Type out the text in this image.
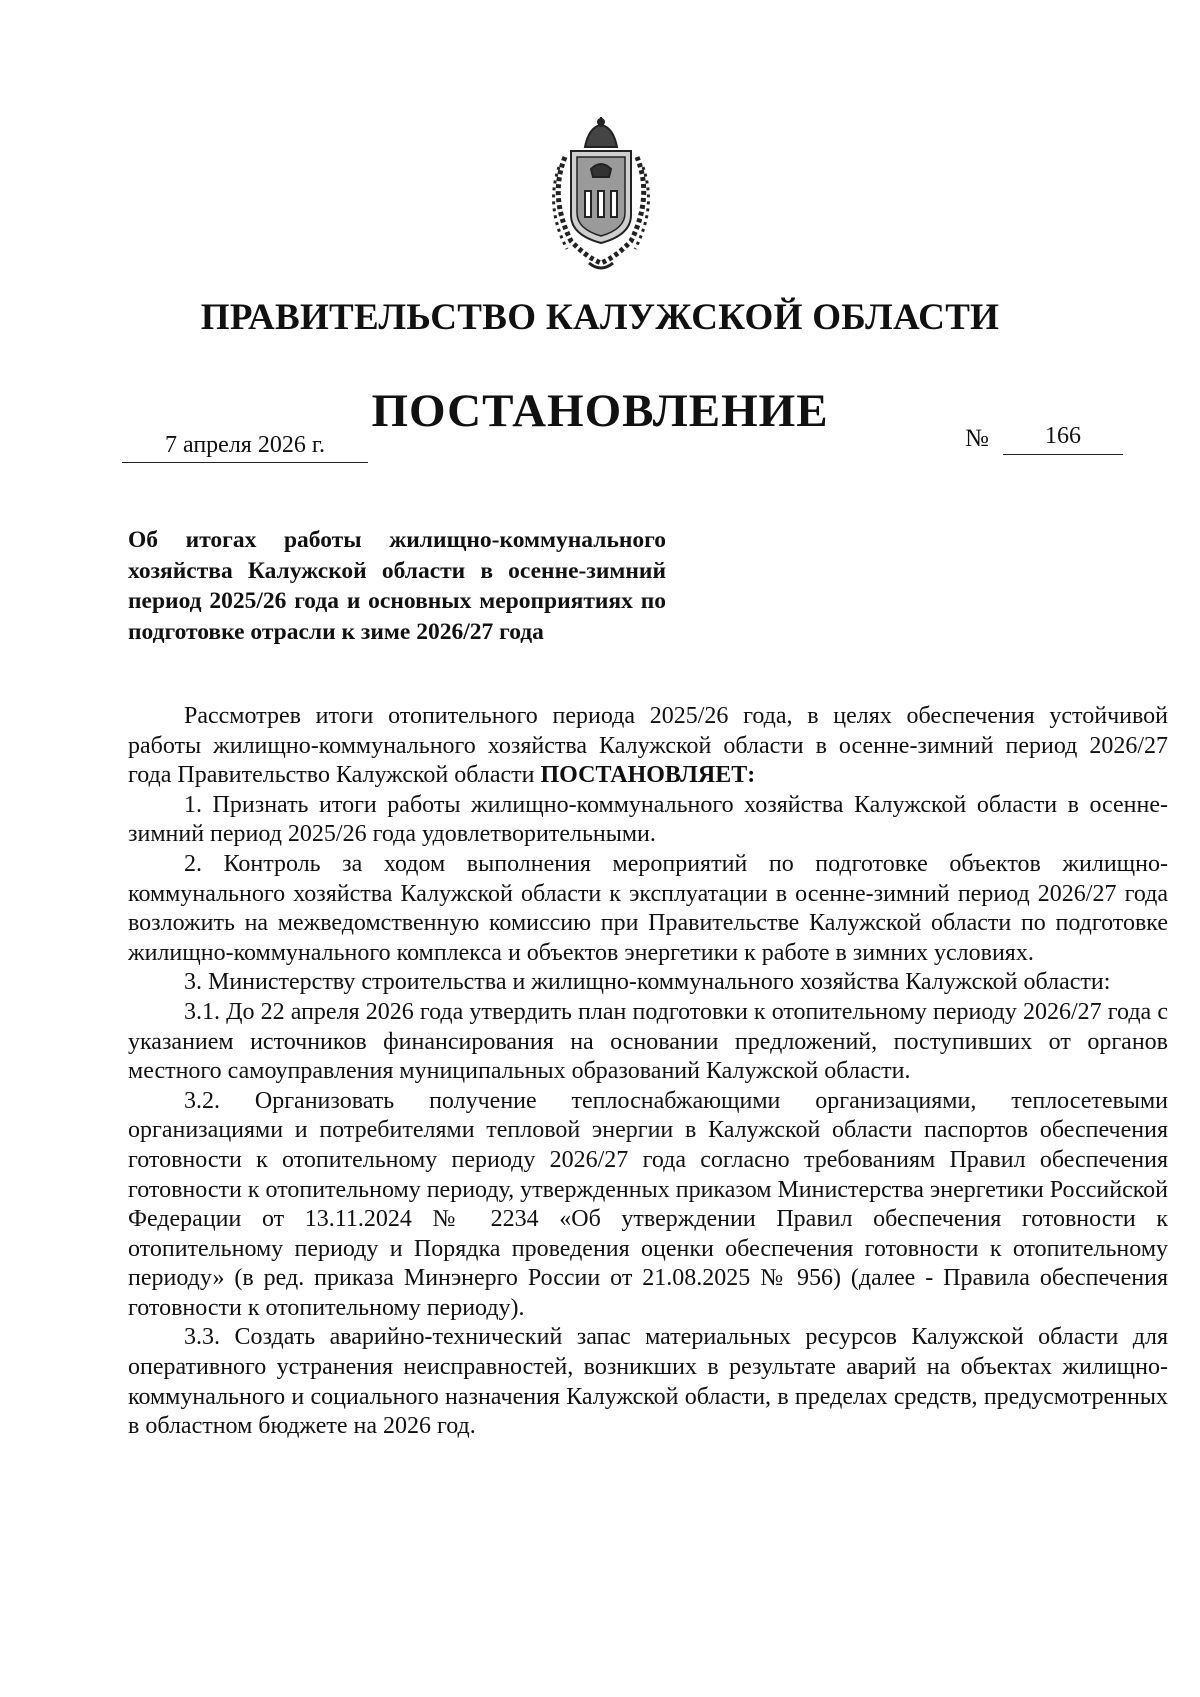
ПРАВИТЕЛЬСТВО КАЛУЖСКОЙ ОБЛАСТИ
ПОСТАНОВЛЕНИЕ
7 апреля 2026 г.	№	166
Об итогах работы жилищно-коммунального хозяйства Калужской области в осенне-зимний период 2025/26 года и основных мероприятиях по подготовке отрасли к зиме 2026/27 года

Рассмотрев итоги отопительного периода 2025/26 года, в целях обеспечения устойчивой работы жилищно-коммунального хозяйства Калужской области в осенне-зимний период 2026/27 года Правительство Калужской области ПОСТАНОВЛЯЕТ:

1. Признать итоги работы жилищно-коммунального хозяйства Калужской области в осенне-зимний период 2025/26 года удовлетворительными.

2. Контроль за ходом выполнения мероприятий по подготовке объектов жилищно-коммунального хозяйства Калужской области к эксплуатации в осенне-зимний период 2026/27 года возложить на межведомственную комиссию при Правительстве Калужской области по подготовке жилищно-коммунального комплекса и объектов энергетики к работе в зимних условиях.

3. Министерству строительства и жилищно-коммунального хозяйства Калужской области:

3.1. До 22 апреля 2026 года утвердить план подготовки к отопительному периоду 2026/27 года с указанием источников финансирования на основании предложений, поступивших от органов местного самоуправления муниципальных образований Калужской области.

3.2. Организовать получение теплоснабжающими организациями, теплосетевыми организациями и потребителями тепловой энергии в Калужской области паспортов обеспечения готовности к отопительному периоду 2026/27 года согласно требованиям Правил обеспечения готовности к отопительному периоду, утвержденных приказом Министерства энергетики Российской Федерации от 13.11.2024 № 2234 «Об утверждении Правил обеспечения готовности к отопительному периоду и Порядка проведения оценки обеспечения готовности к отопительному периоду» (в ред. приказа Минэнерго России от 21.08.2025 № 956) (далее - Правила обеспечения готовности к отопительному периоду).

3.3. Создать аварийно-технический запас материальных ресурсов Калужской области для оперативного устранения неисправностей, возникших в результате аварий на объектах жилищно-коммунального и социального назначения Калужской области, в пределах средств, предусмотренных в областном бюджете на 2026 год.
